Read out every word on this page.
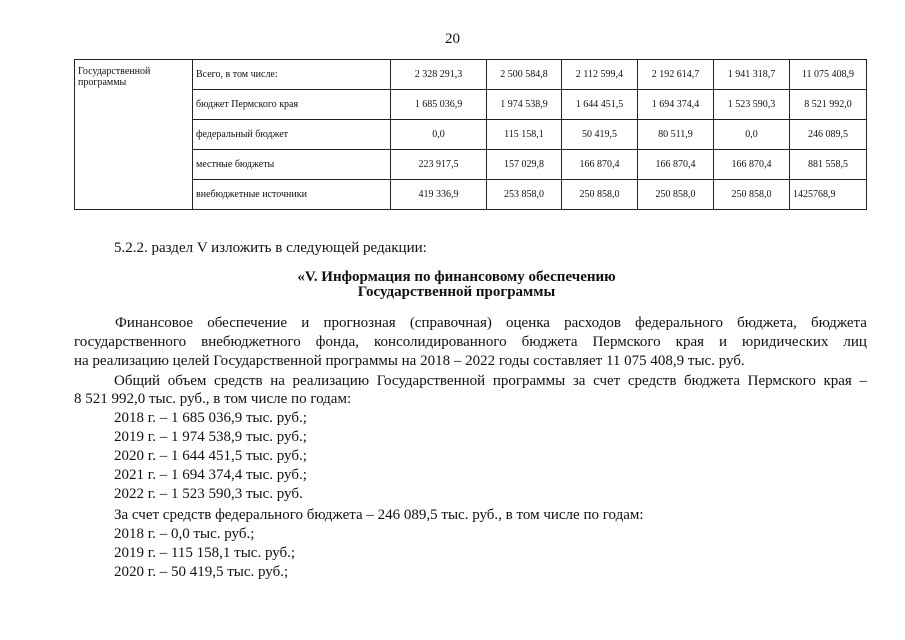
20
Государственной программы	Всего, в том числе:	2 328 291,3	2 500 584,8	2 112 599,4	2 192 614,7	1 941 318,7	11 075 408,9
	бюджет Пермского края	1 685 036,9	1 974 538,9	1 644 451,5	1 694 374,4	1 523 590,3	8 521 992,0
	федеральный бюджет	0,0	115 158,1	50 419,5	80 511,9	0,0	246 089,5
	местные бюджеты	223 917,5	157 029,8	166 870,4	166 870,4	166 870,4	881 558,5
	внебюджетные источники	419 336,9	253 858,0	250 858,0	250 858,0	250 858,0	1425768,9
5.2.2. раздел V изложить в следующей редакции:
«V. Информация по финансовому обеспечению
Государственной программы
Финансовое обеспечение и прогнозная (справочная) оценка расходов федерального бюджета, бюджета
государственного внебюджетного фонда, консолидированного бюджета Пермского края и юридических лиц
на реализацию целей Государственной программы на 2018 – 2022 годы составляет 11 075 408,9 тыс. руб.
Общий объем средств на реализацию Государственной программы за счет средств бюджета Пермского края –
8 521 992,0 тыс. руб., в том числе по годам:
2018 г. – 1 685 036,9 тыс. руб.;
2019 г. – 1 974 538,9 тыс. руб.;
2020 г. – 1 644 451,5 тыс. руб.;
2021 г. – 1 694 374,4 тыс. руб.;
2022 г. – 1 523 590,3 тыс. руб.
За счет средств федерального бюджета – 246 089,5 тыс. руб., в том числе по годам:
2018 г. – 0,0 тыс. руб.;
2019 г. – 115 158,1 тыс. руб.;
2020 г. – 50 419,5 тыс. руб.;
